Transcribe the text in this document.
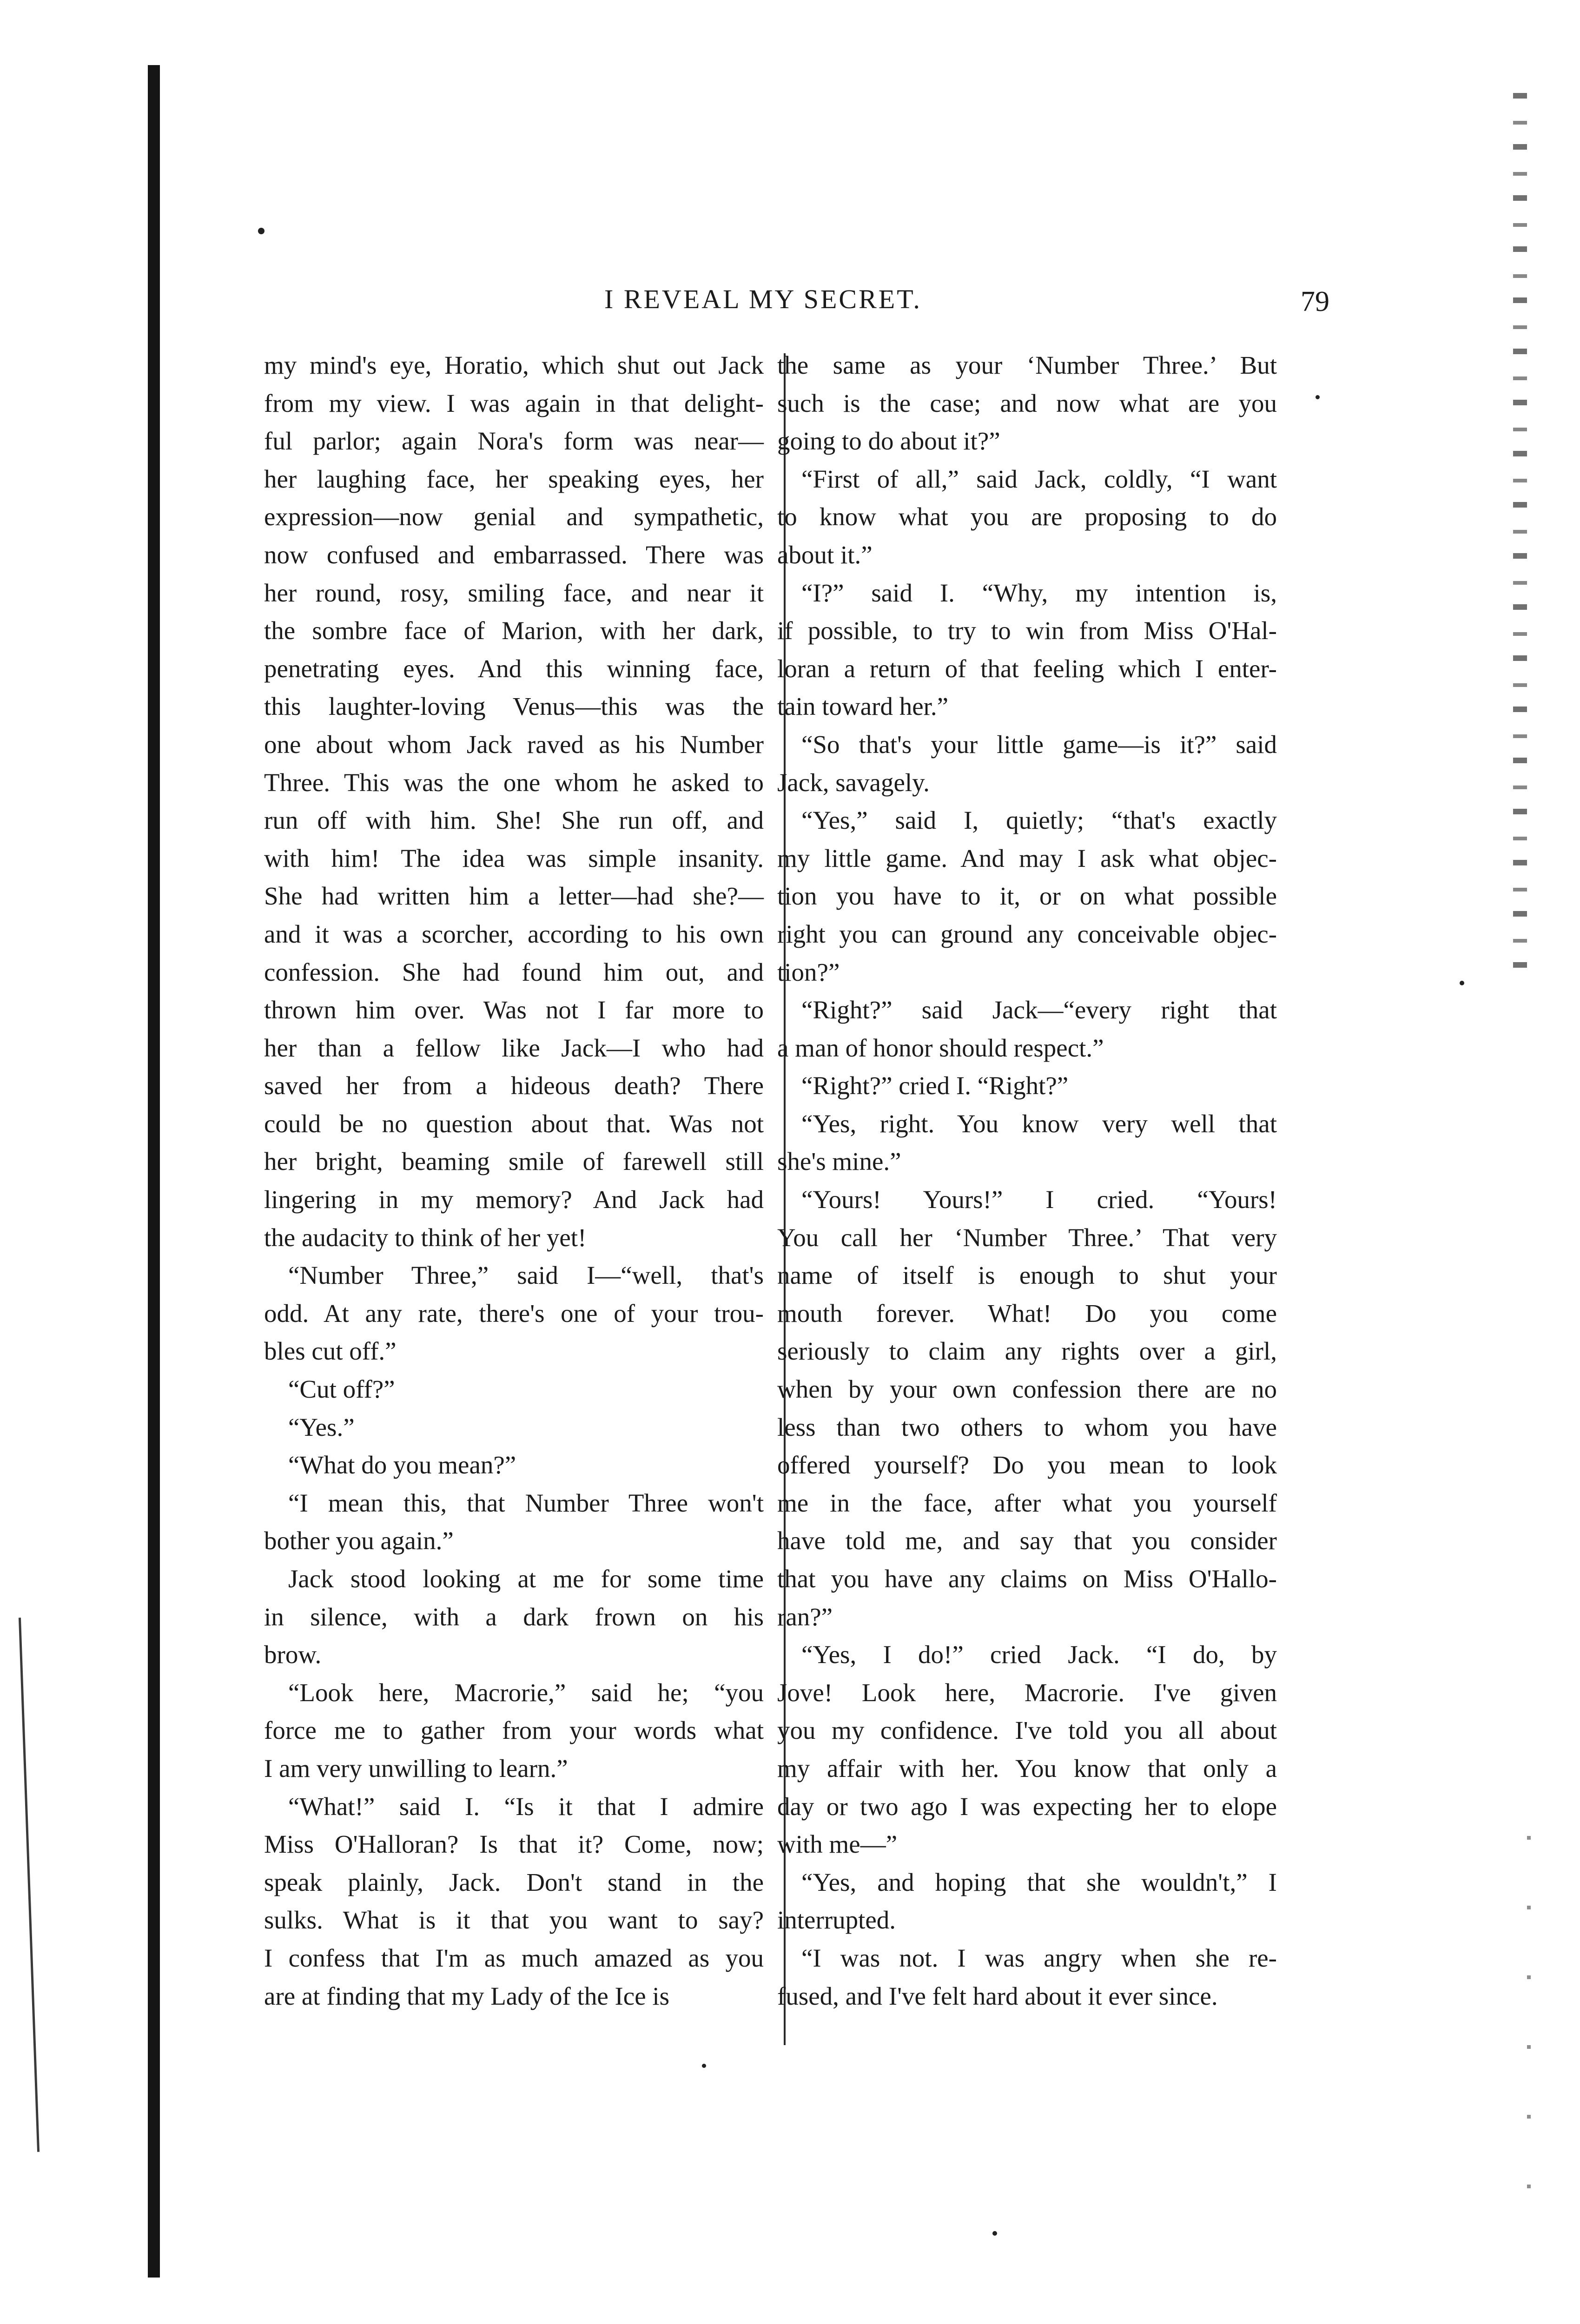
I REVEAL MY SECRET.	79
my mind's eye, Horatio, which shut out Jack
from my view. I was again in that delight-
ful parlor; again Nora's form was near—
her laughing face, her speaking eyes, her
expression—now genial and sympathetic,
now confused and embarrassed. There was
her round, rosy, smiling face, and near it
the sombre face of Marion, with her dark,
penetrating eyes. And this winning face,
this laughter-loving Venus—this was the
one about whom Jack raved as his Number
Three. This was the one whom he asked to
run off with him. She! She run off, and
with him! The idea was simple insanity.
She had written him a letter—had she?—
and it was a scorcher, according to his own
confession. She had found him out, and
thrown him over. Was not I far more to
her than a fellow like Jack—I who had
saved her from a hideous death? There
could be no question about that. Was not
her bright, beaming smile of farewell still
lingering in my memory? And Jack had
the audacity to think of her yet!
“Number Three,” said I—“well, that's
odd. At any rate, there's one of your trou-
bles cut off.”
“Cut off?”
“Yes.”
“What do you mean?”
“I mean this, that Number Three won't
bother you again.”
Jack stood looking at me for some time
in silence, with a dark frown on his
brow.
“Look here, Macrorie,” said he; “you
force me to gather from your words what
I am very unwilling to learn.”
“What!” said I. “Is it that I admire
Miss O'Halloran? Is that it? Come, now;
speak plainly, Jack. Don't stand in the
sulks. What is it that you want to say?
I confess that I'm as much amazed as you
are at finding that my Lady of the Ice is
the same as your ‘Number Three.’ But
such is the case; and now what are you
going to do about it?”
“First of all,” said Jack, coldly, “I want
to know what you are proposing to do
about it.”
“I?” said I. “Why, my intention is,
if possible, to try to win from Miss O'Hal-
loran a return of that feeling which I enter-
tain toward her.”
“So that's your little game—is it?” said
Jack, savagely.
“Yes,” said I, quietly; “that's exactly
my little game. And may I ask what objec-
tion you have to it, or on what possible
right you can ground any conceivable objec-
tion?”
“Right?” said Jack—“every right that
a man of honor should respect.”
“Right?” cried I. “Right?”
“Yes, right. You know very well that
she's mine.”
“Yours! Yours!” I cried. “Yours!
You call her ‘Number Three.’ That very
name of itself is enough to shut your
mouth forever. What! Do you come
seriously to claim any rights over a girl,
when by your own confession there are no
less than two others to whom you have
offered yourself? Do you mean to look
me in the face, after what you yourself
have told me, and say that you consider
that you have any claims on Miss O'Hallo-
ran?”
“Yes, I do!” cried Jack. “I do, by
Jove! Look here, Macrorie. I've given
you my confidence. I've told you all about
my affair with her. You know that only a
day or two ago I was expecting her to elope
with me—”
“Yes, and hoping that she wouldn't,” I
interrupted.
“I was not. I was angry when she re-
fused, and I've felt hard about it ever since.
